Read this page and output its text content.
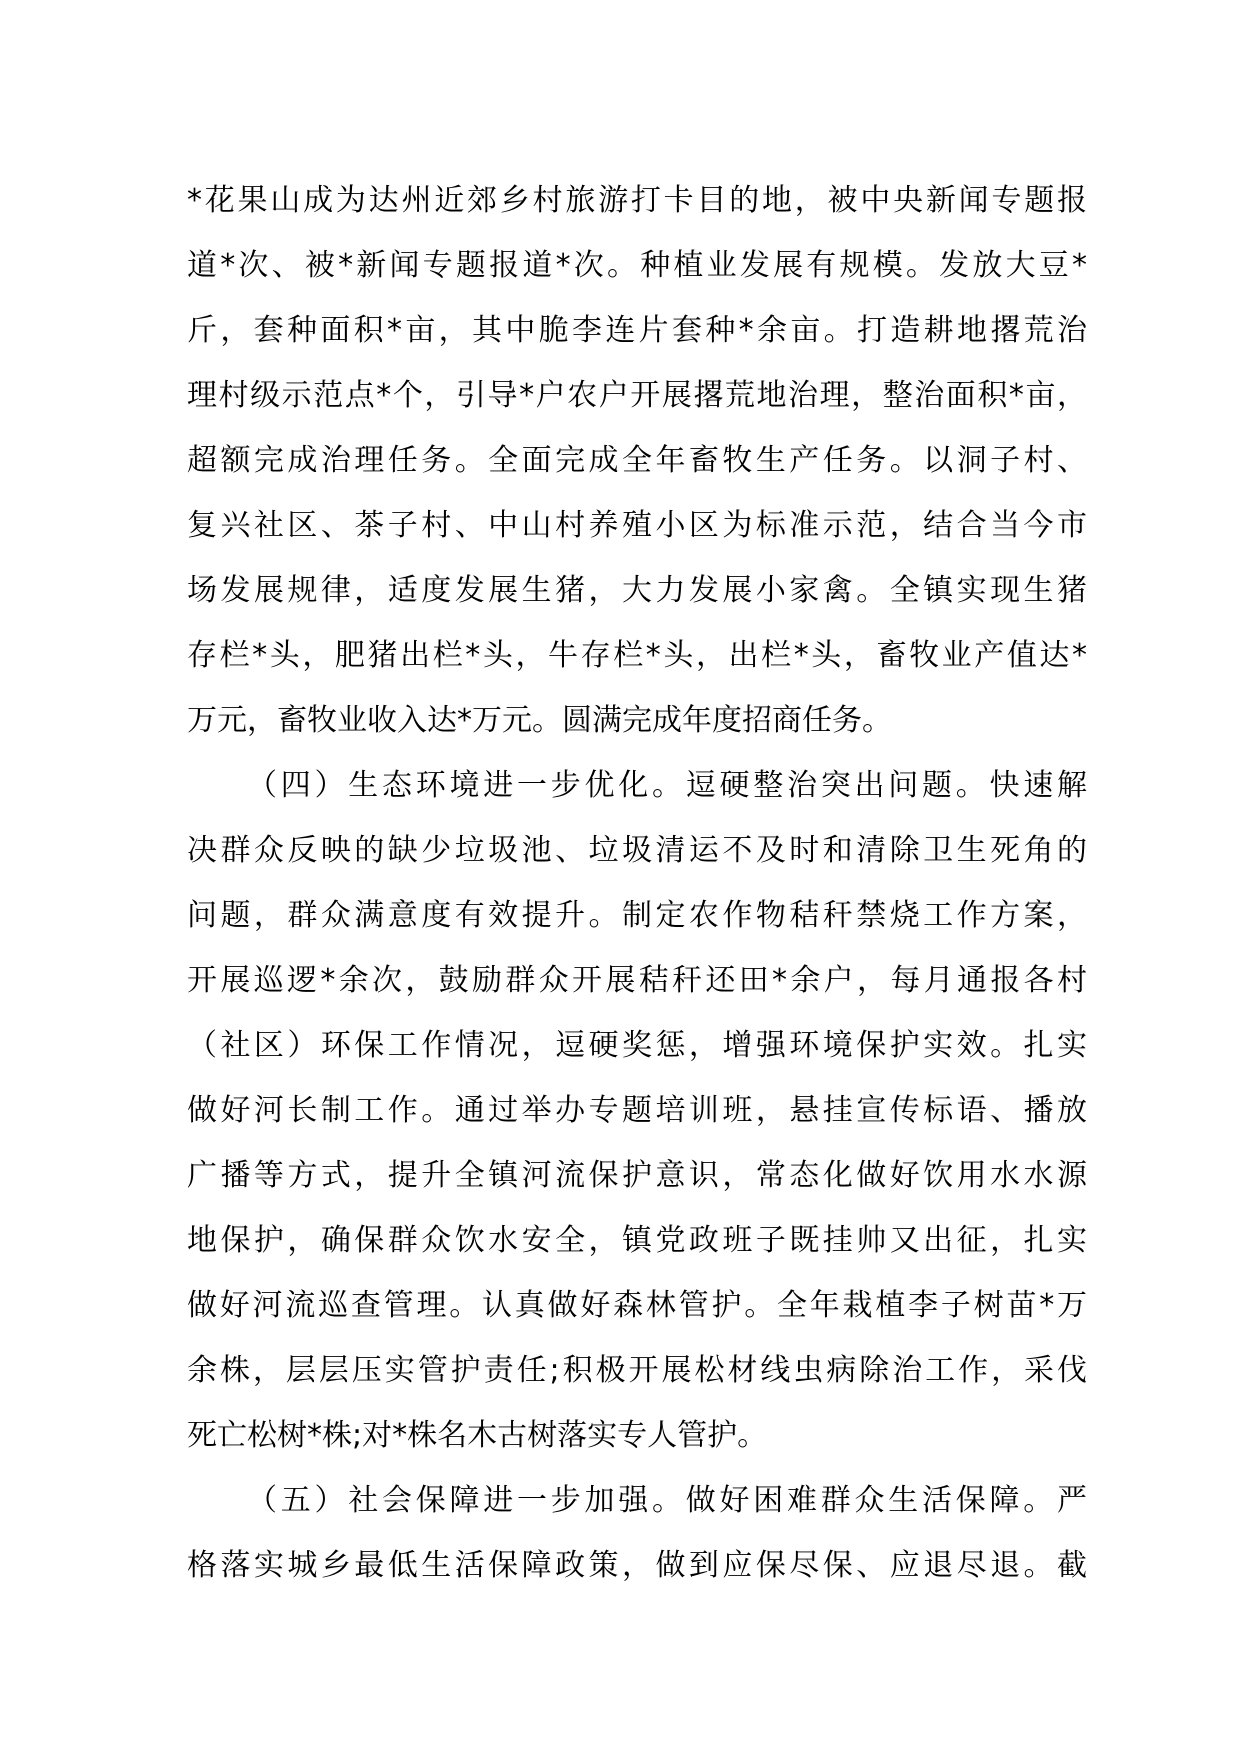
*花果山成为达州近郊乡村旅游打卡目的地，被中央新闻专题报
道*次、被*新闻专题报道*次。种植业发展有规模。发放大豆*
斤，套种面积*亩，其中脆李连片套种*余亩。打造耕地撂荒治
理村级示范点*个，引导*户农户开展撂荒地治理，整治面积*亩，
超额完成治理任务。全面完成全年畜牧生产任务。以洞子村、
复兴社区、茶子村、中山村养殖小区为标准示范，结合当今市
场发展规律，适度发展生猪，大力发展小家禽。全镇实现生猪
存栏*头，肥猪出栏*头，牛存栏*头，出栏*头，畜牧业产值达*
万元，畜牧业收入达*万元。圆满完成年度招商任务。
（四）生态环境进一步优化。逗硬整治突出问题。快速解
决群众反映的缺少垃圾池、垃圾清运不及时和清除卫生死角的
问题，群众满意度有效提升。制定农作物秸秆禁烧工作方案，
开展巡逻*余次，鼓励群众开展秸秆还田*余户，每月通报各村
（社区）环保工作情况，逗硬奖惩，增强环境保护实效。扎实
做好河长制工作。通过举办专题培训班，悬挂宣传标语、播放
广播等方式，提升全镇河流保护意识，常态化做好饮用水水源
地保护，确保群众饮水安全，镇党政班子既挂帅又出征，扎实
做好河流巡查管理。认真做好森林管护。全年栽植李子树苗*万
余株，层层压实管护责任;积极开展松材线虫病除治工作，采伐
死亡松树*株;对*株名木古树落实专人管护。
（五）社会保障进一步加强。做好困难群众生活保障。严
格落实城乡最低生活保障政策，做到应保尽保、应退尽退。截
